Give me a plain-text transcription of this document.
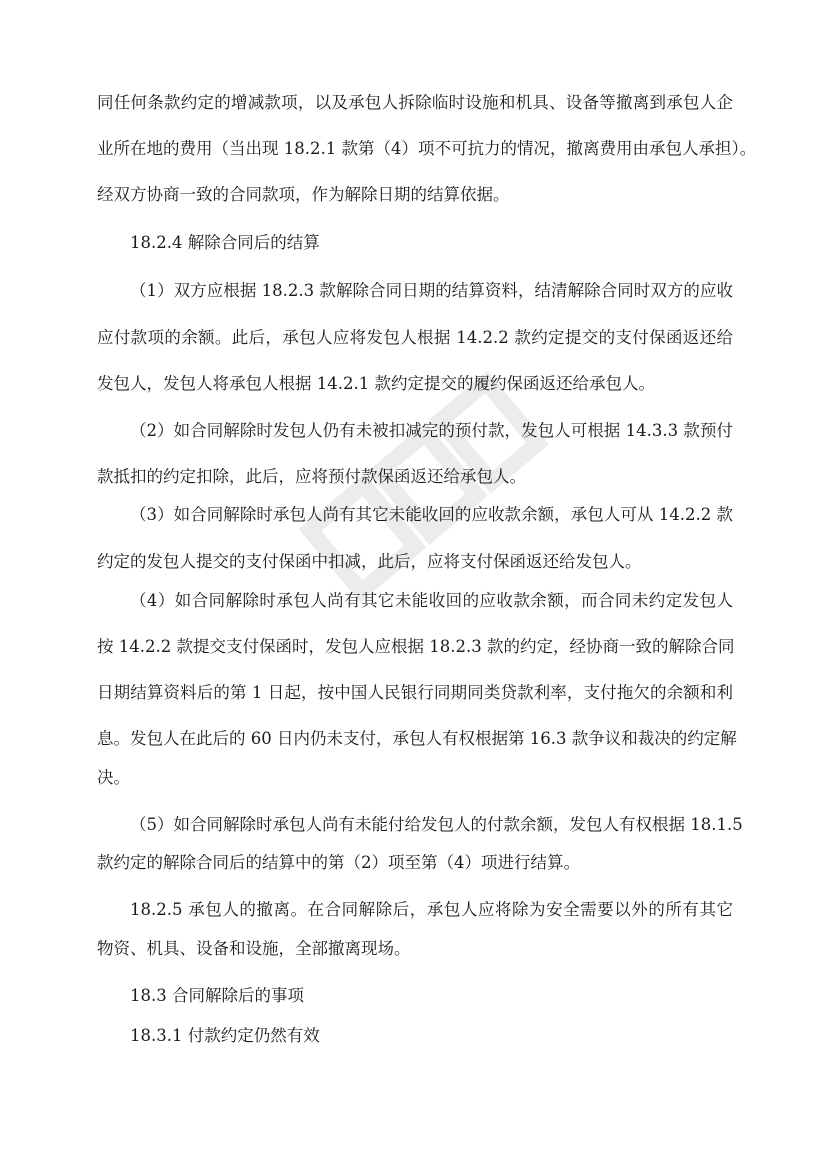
同任何条款约定的增减款项，以及承包人拆除临时设施和机具、设备等撤离到承包人企
业所在地的费用（当出现 18.2.1 款第（4）项不可抗力的情况，撤离费用由承包人承担）。
经双方协商一致的合同款项，作为解除日期的结算依据。
18.2.4 解除合同后的结算
（1）双方应根据 18.2.3 款解除合同日期的结算资料，结清解除合同时双方的应收
应付款项的余额。此后，承包人应将发包人根据 14.2.2 款约定提交的支付保函返还给
发包人，发包人将承包人根据 14.2.1 款约定提交的履约保函返还给承包人。
（2）如合同解除时发包人仍有未被扣减完的预付款，发包人可根据 14.3.3 款预付
款抵扣的约定扣除，此后，应将预付款保函返还给承包人。
（3）如合同解除时承包人尚有其它未能收回的应收款余额，承包人可从 14.2.2 款
约定的发包人提交的支付保函中扣减，此后，应将支付保函返还给发包人。
（4）如合同解除时承包人尚有其它未能收回的应收款余额，而合同未约定发包人
按 14.2.2 款提交支付保函时，发包人应根据 18.2.3 款的约定，经协商一致的解除合同
日期结算资料后的第 1 日起，按中国人民银行同期同类贷款利率，支付拖欠的余额和利
息。发包人在此后的 60 日内仍未支付，承包人有权根据第 16.3 款争议和裁决的约定解
决。
（5）如合同解除时承包人尚有未能付给发包人的付款余额，发包人有权根据 18.1.5
款约定的解除合同后的结算中的第（2）项至第（4）项进行结算。
18.2.5 承包人的撤离。在合同解除后，承包人应将除为安全需要以外的所有其它
物资、机具、设备和设施，全部撤离现场。
18.3 合同解除后的事项
18.3.1 付款约定仍然有效
